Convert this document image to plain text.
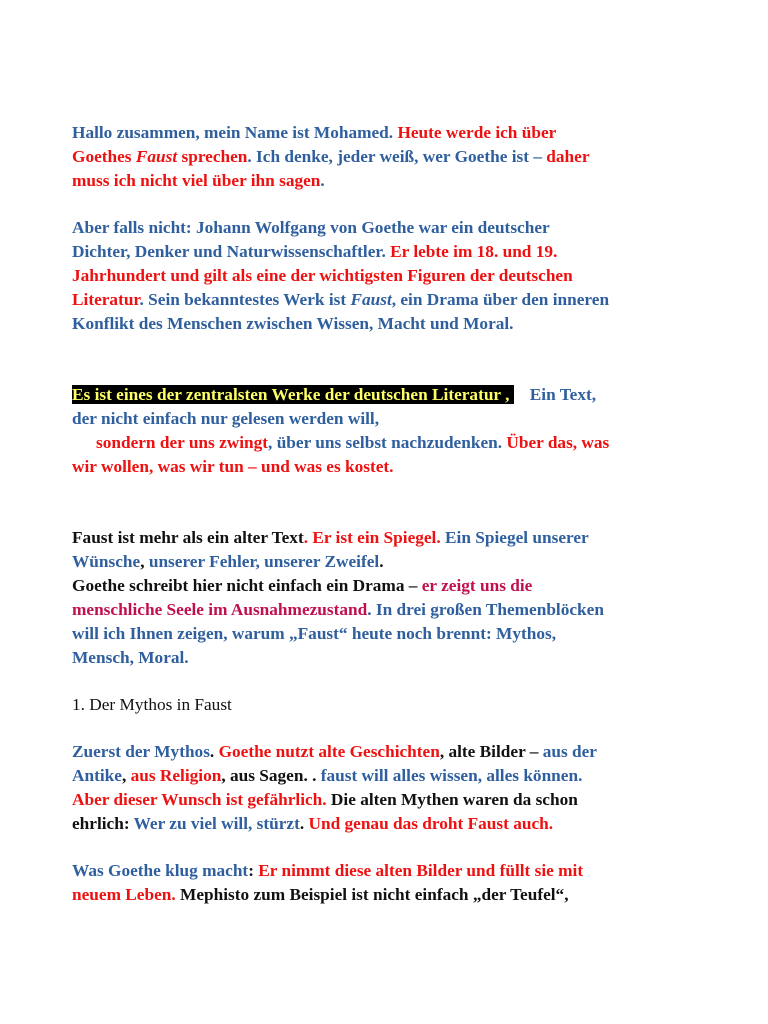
Hallo zusammen, mein Name ist Mohamed. Heute werde ich über
Goethes Faust sprechen. Ich denke, jeder weiß, wer Goethe ist – daher
muss ich nicht viel über ihn sagen.
Aber falls nicht: Johann Wolfgang von Goethe war ein deutscher
Dichter, Denker und Naturwissenschaftler. Er lebte im 18. und 19.
Jahrhundert und gilt als eine der wichtigsten Figuren der deutschen
Literatur. Sein bekanntestes Werk ist Faust, ein Drama über den inneren
Konflikt des Menschen zwischen Wissen, Macht und Moral.
Es ist eines der zentralsten Werke der deutschen Literatur , Ein Text,
der nicht einfach nur gelesen werden will,
sondern der uns zwingt, über uns selbst nachzudenken. Über das, was
wir wollen, was wir tun – und was es kostet.
Faust ist mehr als ein alter Text. Er ist ein Spiegel. Ein Spiegel unserer
Wünsche, unserer Fehler, unserer Zweifel.
Goethe schreibt hier nicht einfach ein Drama – er zeigt uns die
menschliche Seele im Ausnahmezustand. In drei großen Themenblöcken
will ich Ihnen zeigen, warum „Faust“ heute noch brennt: Mythos,
Mensch, Moral.
1. Der Mythos in Faust
Zuerst der Mythos. Goethe nutzt alte Geschichten, alte Bilder – aus der
Antike, aus Religion, aus Sagen. . faust will alles wissen, alles können.
Aber dieser Wunsch ist gefährlich. Die alten Mythen waren da schon
ehrlich: Wer zu viel will, stürzt. Und genau das droht Faust auch.
Was Goethe klug macht: Er nimmt diese alten Bilder und füllt sie mit
neuem Leben. Mephisto zum Beispiel ist nicht einfach „der Teufel“,
